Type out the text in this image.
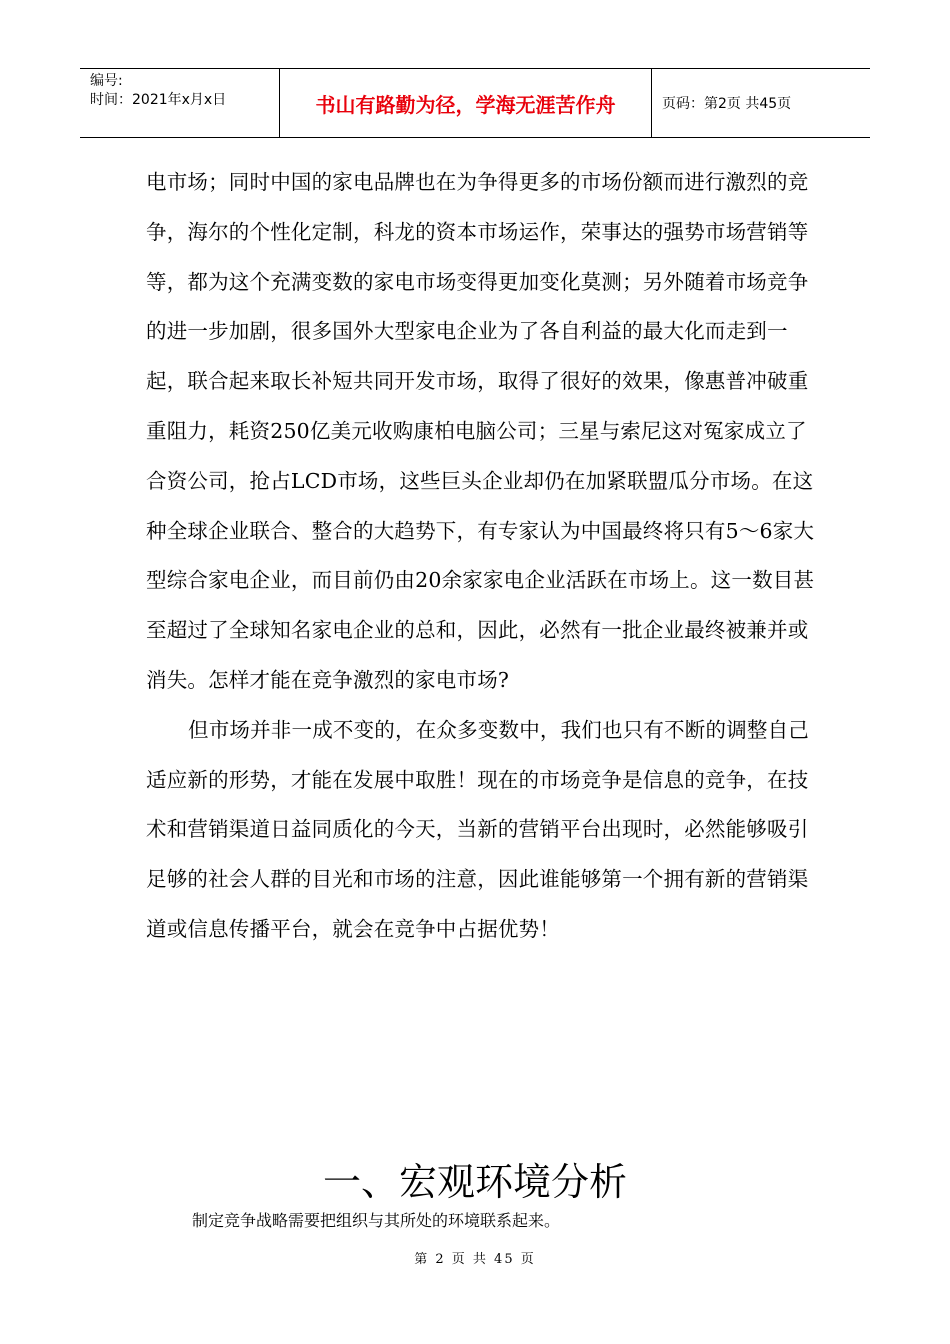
编号:
时间：2021年x月x日	书山有路勤为径，学海无涯苦作舟	页码：第2页 共45页

电市场；同时中国的家电品牌也在为争得更多的市场份额而进行激烈的竞争，海尔的个性化定制，科龙的资本市场运作，荣事达的强势市场营销等等，都为这个充满变数的家电市场变得更加变化莫测；另外随着市场竞争的进一步加剧，很多国外大型家电企业为了各自利益的最大化而走到一起，联合起来取长补短共同开发市场，取得了很好的效果，像惠普冲破重重阻力，耗资250亿美元收购康柏电脑公司；三星与索尼这对冤家成立了合资公司，抢占LCD市场，这些巨头企业却仍在加紧联盟瓜分市场。在这种全球企业联合、整合的大趋势下，有专家认为中国最终将只有5～6家大型综合家电企业，而目前仍由20余家家电企业活跃在市场上。这一数目甚至超过了全球知名家电企业的总和，因此，必然有一批企业最终被兼并或消失。怎样才能在竞争激烈的家电市场?

但市场并非一成不变的，在众多变数中，我们也只有不断的调整自己适应新的形势，才能在发展中取胜！现在的市场竞争是信息的竞争，在技术和营销渠道日益同质化的今天，当新的营销平台出现时，必然能够吸引足够的社会人群的目光和市场的注意，因此谁能够第一个拥有新的营销渠道或信息传播平台，就会在竞争中占据优势！

一、宏观环境分析
制定竞争战略需要把组织与其所处的环境联系起来。
第 2 页 共 45 页
